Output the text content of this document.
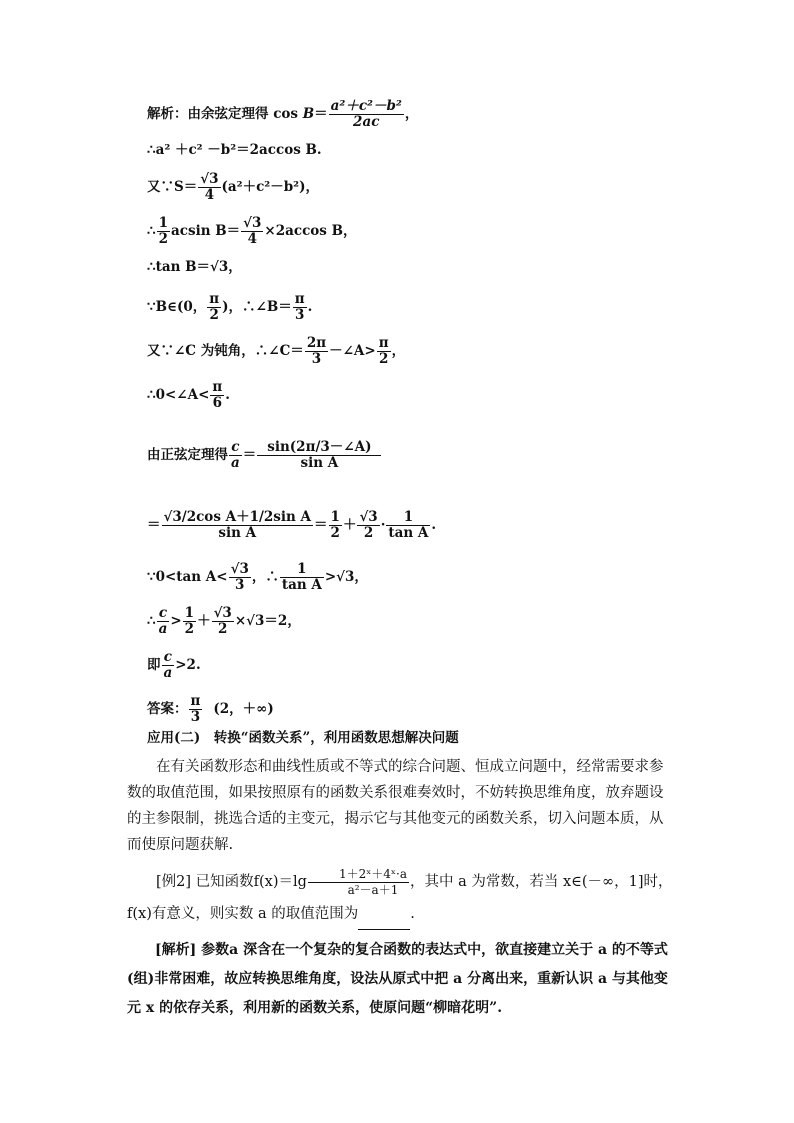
解析：由余弦定理得 $\cos B= \frac{\text{a²＋c²－b²}}{2ac}$ ，
∴a² ＋c² －b²＝2accos B.
又∵S＝ $\frac{√3}{4} (a^2+c^2-b^2)$，
∴ $\frac{1}{2}$ acsin $B= \frac{√3}{4} \times 2accos$ B，
∴tan B＝√3，
∵B∈(0， $\frac{\pi}{2}$ )，∴∠B＝ $\frac{\pi}{3}$ .
又∵∠C 为钝角，∴∠C＝ $\frac{2\pi}{3}$ －∠A> $\frac{\pi}{2}$ ，
∴0<∠A< $\frac{\pi}{6}$ .
由正弦定理得 $\frac{c}{a} = \frac{\sin(2\pi/3-\angle A)}{\text{sin A}}$
＝ $\frac{\text{√3/2cos A＋1/2sin A}}{\text{sin A}} = \frac{1}{2} + \frac{√3}{2} \cdot \frac{1}{\text{tan A}}$ .
∵0<tan $A< \frac{√3}{3}$ ，∴ $\frac{1}{\text{tan A}} >√3$，
∴ $\frac{c}{a} > \frac{1}{2} + \frac{√3}{2} \times√3=2$，
即 $\frac{c}{a} >2$.
答案： $\frac{\pi}{3} (2$，＋∞)
应用(二)　转换“函数关系”，利用函数思想解决问题
在有关函数形态和曲线性质或不等式的综合问题、恒成立问题中，经常需要求参数的取值范围，如果按照原有的函数关系很难奏效时，不妨转换思维角度，放弃题设的主参限制，挑选合适的主变元，揭示它与其他变元的函数关系，切入问题本质，从而使原问题获解.
[例2] 已知函数$f(x)=\lg \frac{\text{1＋2ˣ＋4ˣ·a}}{\text{a²－a＋1}}$ ，其中 a 为常数，若当 x∈(－∞，1]时，f(x)有意义，则实数 a 的取值范围为	.
[解析] 参数a 深含在一个复杂的复合函数的表达式中，欲直接建立关于 a 的不等式(组)非常困难，故应转换思维角度，设法从原式中把 a 分离出来，重新认识 a 与其他变元 x 的依存关系，利用新的函数关系，使原问题“柳暗花明”.
